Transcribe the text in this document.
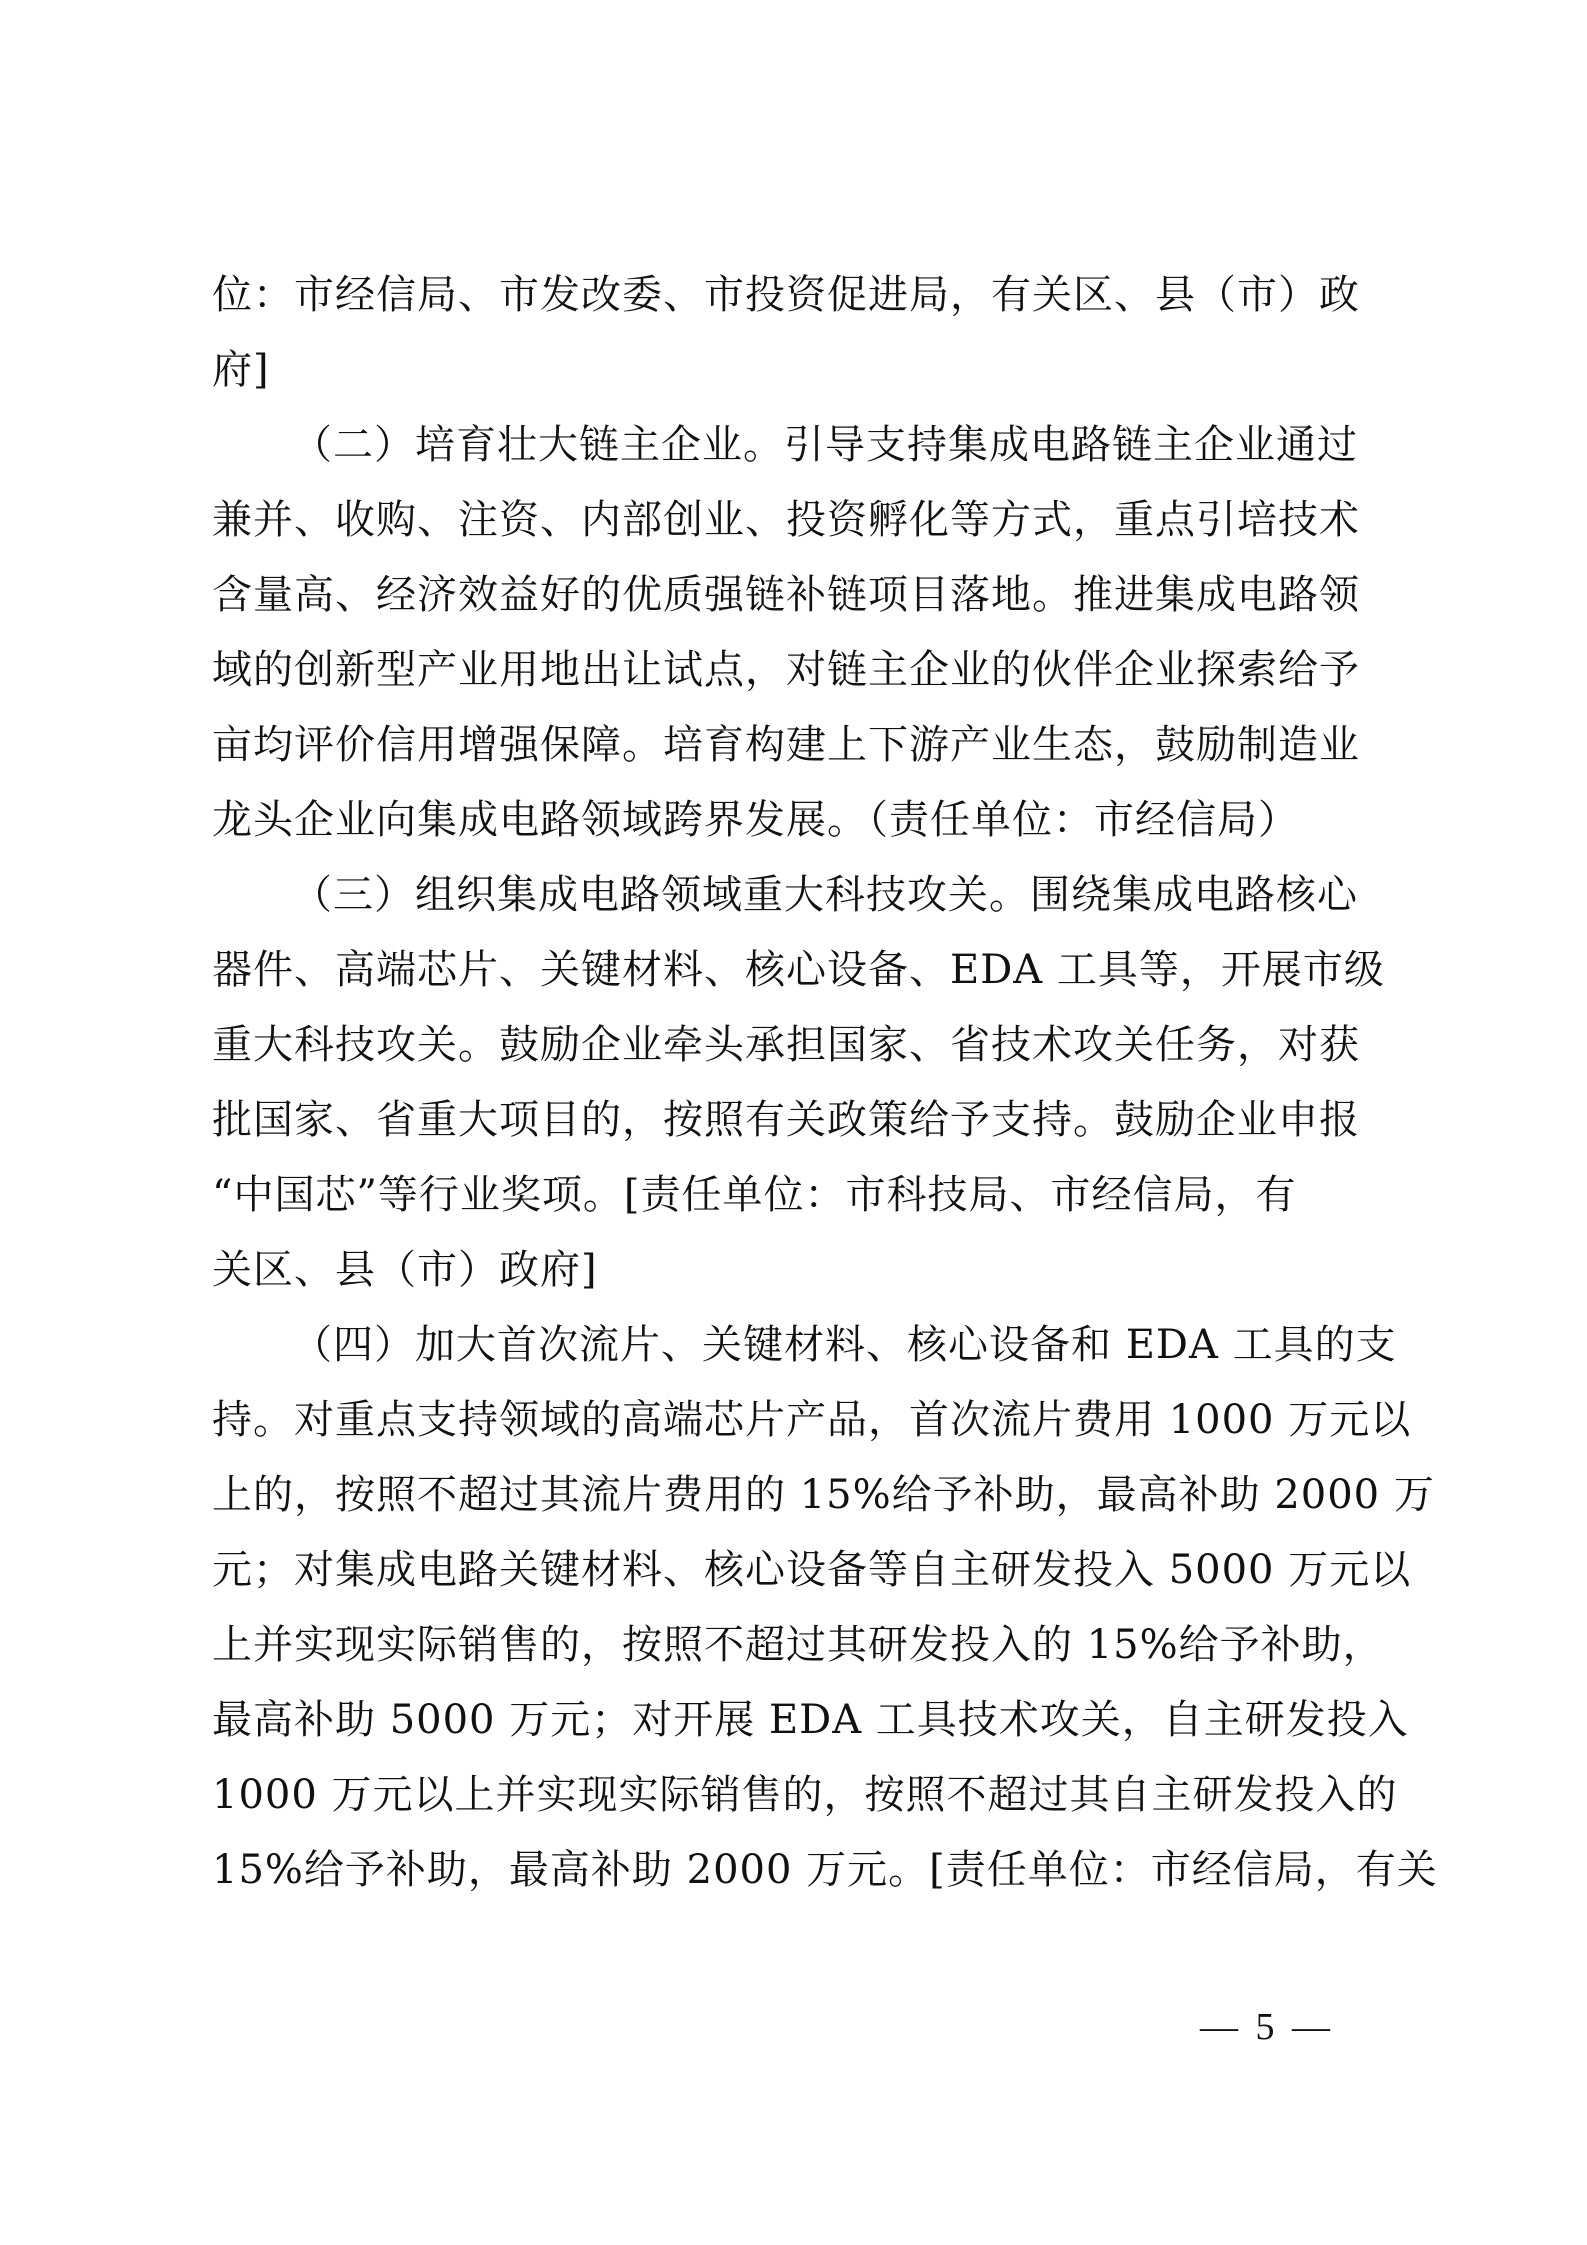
位：市经信局、市发改委、市投资促进局，有关区、县（市）政
府]

（二）培育壮大链主企业。引导支持集成电路链主企业通过
兼并、收购、注资、内部创业、投资孵化等方式，重点引培技术
含量高、经济效益好的优质强链补链项目落地。推进集成电路领
域的创新型产业用地出让试点，对链主企业的伙伴企业探索给予
亩均评价信用增强保障。培育构建上下游产业生态，鼓励制造业
龙头企业向集成电路领域跨界发展。（责任单位：市经信局）

（三）组织集成电路领域重大科技攻关。围绕集成电路核心
器件、高端芯片、关键材料、核心设备、EDA 工具等，开展市级
重大科技攻关。鼓励企业牵头承担国家、省技术攻关任务，对获
批国家、省重大项目的，按照有关政策给予支持。鼓励企业申报
“中国芯”等行业奖项。[责任单位：市科技局、市经信局，有
关区、县（市）政府]

（四）加大首次流片、关键材料、核心设备和 EDA 工具的支
持。对重点支持领域的高端芯片产品，首次流片费用 1000 万元以
上的，按照不超过其流片费用的 15%给予补助，最高补助 2000 万
元；对集成电路关键材料、核心设备等自主研发投入 5000 万元以
上并实现实际销售的，按照不超过其研发投入的 15%给予补助，
最高补助 5000 万元；对开展 EDA 工具技术攻关，自主研发投入
1000 万元以上并实现实际销售的，按照不超过其自主研发投入的
15%给予补助，最高补助 2000 万元。[责任单位：市经信局，有关

— 5 —
